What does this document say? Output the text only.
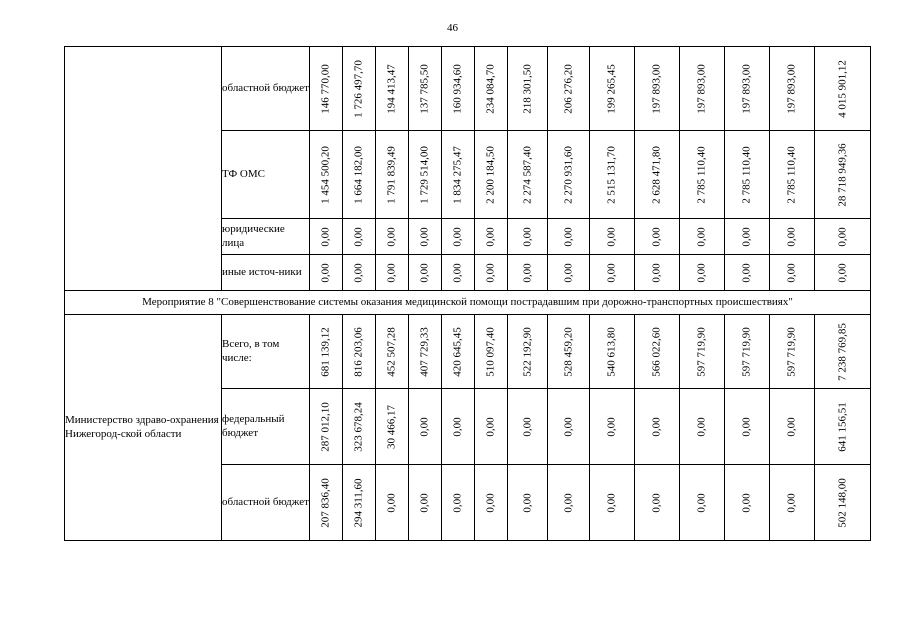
46
	областной бюджет	146 770,00	1 726 497,70	194 413,47	137 785,50	160 934,60	234 084,70	218 301,50	206 276,20	199 265,45	197 893,00	197 893,00	197 893,00	197 893,00	4 015 901,12

	ТФ ОМС	1 454 500,20	1 664 182,00	1 791 839,49	1 729 514,00	1 834 275,47	2 200 184,50	2 274 587,40	2 270 931,60	2 515 131,70	2 628 471,80	2 785 110,40	2 785 110,40	2 785 110,40	28 718 949,36

	юридические лица	0,00	0,00	0,00	0,00	0,00	0,00	0,00	0,00	0,00	0,00	0,00	0,00	0,00	0,00

	иные источ-ники	0,00	0,00	0,00	0,00	0,00	0,00	0,00	0,00	0,00	0,00	0,00	0,00	0,00	0,00

Мероприятие 8 "Совершенствование системы оказания медицинской помощи пострадавшим при дорожно-транспортных происшествиях"															
Министерство здраво-охранения Нижегород-ской области	Всего, в том числе:	681 139,12	816 203,06	452 507,28	407 729,33	420 645,45	510 097,40	522 192,90	528 459,20	540 613,80	566 022,60	597 719,90	597 719,90	597 719,90	7 238 769,85

	федеральный бюджет	287 012,10	323 678,24	30 466,17	0,00	0,00	0,00	0,00	0,00	0,00	0,00	0,00	0,00	0,00	641 156,51

	областной бюджет	207 836,40	294 311,60	0,00	0,00	0,00	0,00	0,00	0,00	0,00	0,00	0,00	0,00	0,00	502 148,00
